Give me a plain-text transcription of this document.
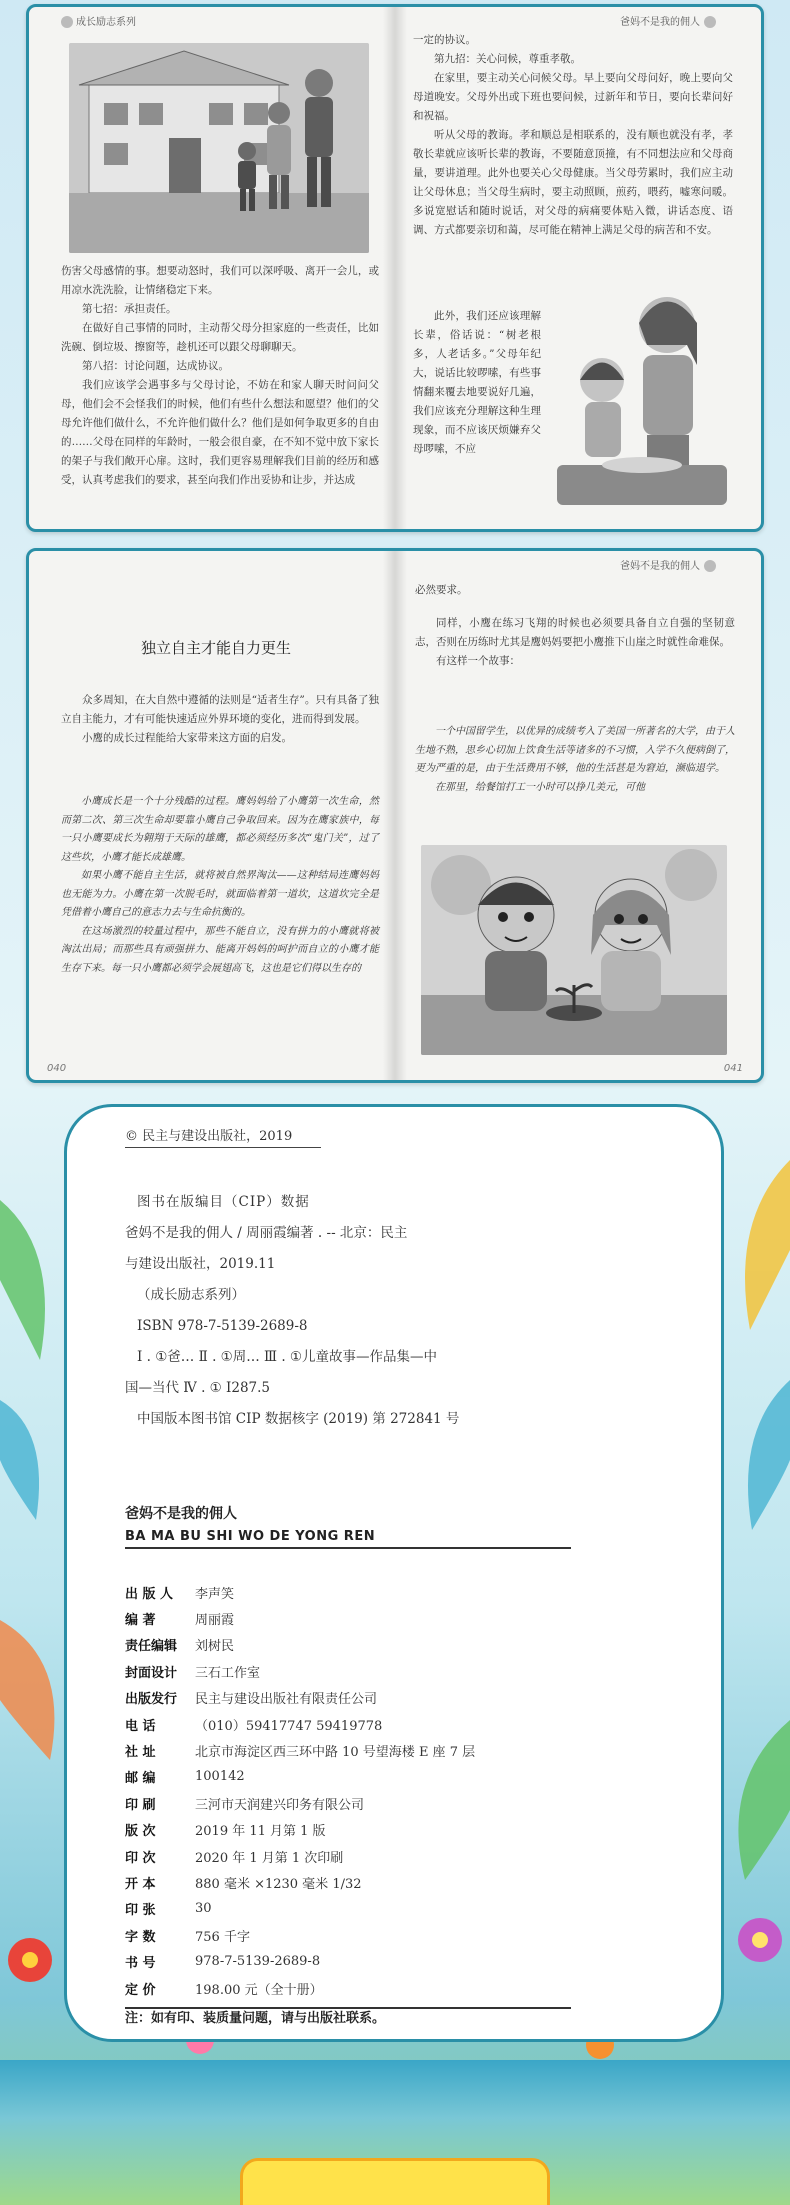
成长励志系列

伤害父母感情的事。想要动怒时，我们可以深呼吸、离开一会儿，或用凉水洗洗脸，让情绪稳定下来。

第七招：承担责任。

在做好自己事情的同时，主动帮父母分担家庭的一些责任，比如洗碗、倒垃圾、擦窗等，趁机还可以跟父母聊聊天。

第八招：讨论问题，达成协议。

我们应该学会遇事多与父母讨论，不妨在和家人聊天时问问父母，他们会不会怪我们的时候，他们有些什么想法和愿望？他们的父母允许他们做什么，不允许他们做什么？他们是如何争取更多的自由的……父母在同样的年龄时，一般会很自豪，在不知不觉中放下家长的架子与我们敞开心扉。这时，我们更容易理解我们目前的经历和感受，认真考虑我们的要求，甚至向我们作出妥协和让步，并达成

爸妈不是我的佣人

一定的协议。

第九招：关心问候，尊重孝敬。

在家里，要主动关心问候父母。早上要向父母问好，晚上要向父母道晚安。父母外出或下班也要问候，过新年和节日，要向长辈问好和祝福。

听从父母的教诲。孝和顺总是相联系的，没有顺也就没有孝，孝敬长辈就应该听长辈的教诲，不要随意顶撞，有不同想法应和父母商量，要讲道理。此外也要关心父母健康。当父母劳累时，我们应主动让父母休息；当父母生病时，要主动照顾，煎药，喂药，嘘寒问暖。多说宽慰话和随时说话，对父母的病痛要体贴入微，讲话态度、语调、方式都要亲切和蔼，尽可能在精神上满足父母的病苦和不安。

此外，我们还应该理解长辈，俗话说：“树老根多，人老话多。”父母年纪大，说话比较啰嗦，有些事情翻来覆去地要说好几遍，我们应该充分理解这种生理现象，而不应该厌烦嫌弃父母啰嗦，不应

独立自主才能自力更生

众多周知，在大自然中遵循的法则是“适者生存”。只有具备了独立自主能力，才有可能快速适应外界环境的变化，进而得到发展。

小鹰的成长过程能给大家带来这方面的启发。

小鹰成长是一个十分残酷的过程。鹰妈妈给了小鹰第一次生命，然而第二次、第三次生命却要靠小鹰自己争取回来。因为在鹰家族中，每一只小鹰要成长为翱翔于天际的雄鹰，都必须经历多次“鬼门关”，过了这些坎，小鹰才能长成雄鹰。

如果小鹰不能自主生活，就将被自然界淘汰——这种结局连鹰妈妈也无能为力。小鹰在第一次脱毛时，就面临着第一道坎，这道坎完全是凭借着小鹰自己的意志力去与生命抗衡的。

在这场激烈的较量过程中，那些不能自立，没有拼力的小鹰就将被淘汰出局；而那些具有顽强拼力、能离开妈妈的呵护而自立的小鹰才能生存下来。每一只小鹰都必须学会展翅高飞，这也是它们得以生存的

040
爸妈不是我的佣人

必然要求。

同样，小鹰在练习飞翔的时候也必须要具备自立自强的坚韧意志，否则在历练时尤其是鹰妈妈要把小鹰推下山崖之时就性命难保。

有这样一个故事：

一个中国留学生，以优异的成绩考入了美国一所著名的大学，由于人生地不熟，思乡心切加上饮食生活等诸多的不习惯，入学不久便病倒了，更为严重的是，由于生活费用不够，他的生活甚是为窘迫，濒临退学。

在那里，给餐馆打工一小时可以挣几美元，可他

041
© 民主与建设出版社，2019
图书在版编目（CIP）数据
爸妈不是我的佣人 / 周丽霞编著 . -- 北京：民主
与建设出版社，2019.11
（成长励志系列）
ISBN 978-7-5139-2689-8
Ⅰ . ①爸… Ⅱ . ①周… Ⅲ . ①儿童故事—作品集—中
国—当代 Ⅳ . ① I287.5
中国版本图书馆 CIP 数据核字 (2019) 第 272841 号
爸妈不是我的佣人
BA MA BU SHI WO DE YONG REN
出 版 人	李声笑
编 著	周丽霞
责任编辑	刘树民
封面设计	三石工作室
出版发行	民主与建设出版社有限责任公司
电 话	（010）59417747 59419778
社 址	北京市海淀区西三环中路 10 号望海楼 E 座 7 层
邮 编	100142
印 刷	三河市天润建兴印务有限公司
版 次	2019 年 11 月第 1 版
印 次	2020 年 1 月第 1 次印刷
开 本	880 毫米 ×1230 毫米 1/32
印 张	30
字 数	756 千字
书 号	978-7-5139-2689-8
定 价	198.00 元（全十册）
注：如有印、装质量问题，请与出版社联系。
